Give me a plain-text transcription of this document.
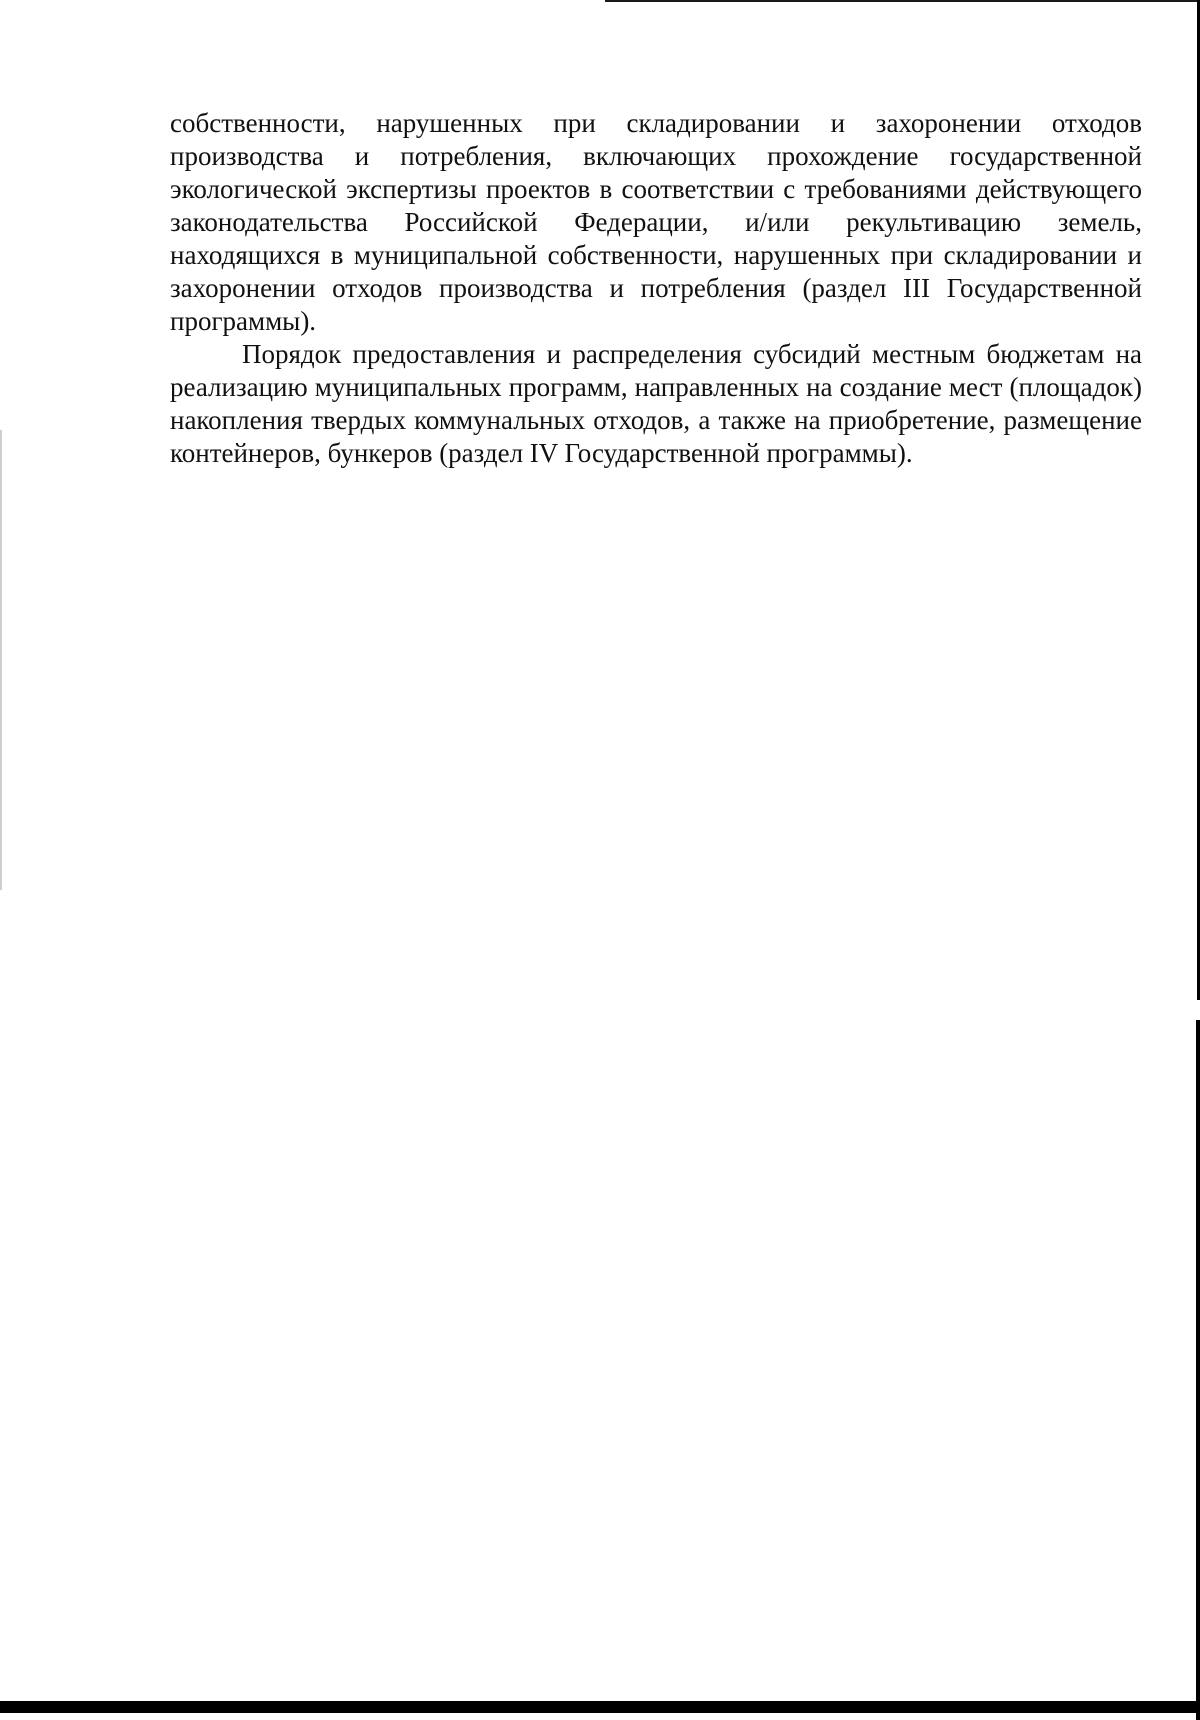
собственности, нарушенных при складировании и захоронении отходов производства и потребления, включающих прохождение государственной экологической экспертизы проектов в соответствии с требованиями действующего законодательства Российской Федерации, и/или рекультивацию земель, находящихся в муниципальной собственности, нарушенных при складировании и захоронении отходов производства и потребления (раздел III Государственной программы).

Порядок предоставления и распределения субсидий местным бюджетам на реализацию муниципальных программ, направленных на создание мест (площадок) накопления твердых коммунальных отходов, а также на приобретение, размещение контейнеров, бункеров (раздел IV Государственной программы).
